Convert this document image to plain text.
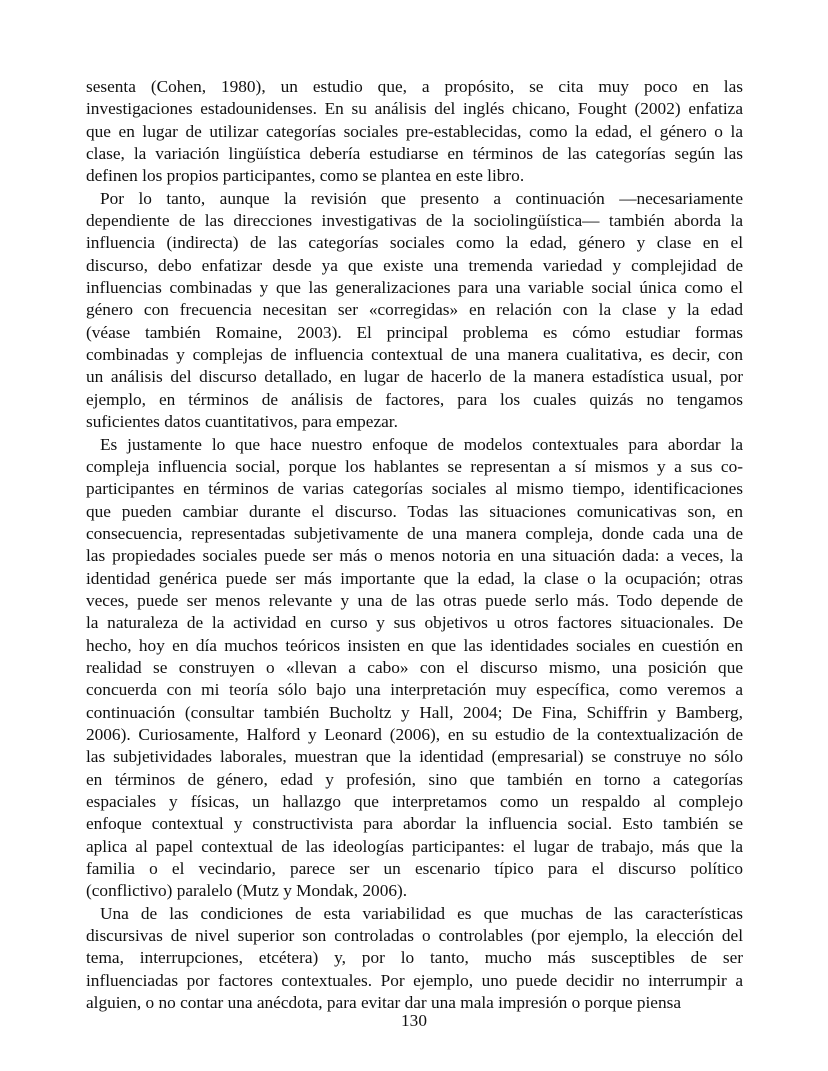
sesenta (Cohen, 1980), un estudio que, a propósito, se cita muy poco en las
investigaciones estadounidenses. En su análisis del inglés chicano, Fought (2002) enfatiza
que en lugar de utilizar categorías sociales pre-establecidas, como la edad, el género o la
clase, la variación lingüística debería estudiarse en términos de las categorías según las
definen los propios participantes, como se plantea en este libro.
Por lo tanto, aunque la revisión que presento a continuación —necesariamente
dependiente de las direcciones investigativas de la sociolingüística— también aborda la
influencia (indirecta) de las categorías sociales como la edad, género y clase en el
discurso, debo enfatizar desde ya que existe una tremenda variedad y complejidad de
influencias combinadas y que las generalizaciones para una variable social única como el
género con frecuencia necesitan ser «corregidas» en relación con la clase y la edad
(véase también Romaine, 2003). El principal problema es cómo estudiar formas
combinadas y complejas de influencia contextual de una manera cualitativa, es decir, con
un análisis del discurso detallado, en lugar de hacerlo de la manera estadística usual, por
ejemplo, en términos de análisis de factores, para los cuales quizás no tengamos
suficientes datos cuantitativos, para empezar.
Es justamente lo que hace nuestro enfoque de modelos contextuales para abordar la
compleja influencia social, porque los hablantes se representan a sí mismos y a sus co-
participantes en términos de varias categorías sociales al mismo tiempo, identificaciones
que pueden cambiar durante el discurso. Todas las situaciones comunicativas son, en
consecuencia, representadas subjetivamente de una manera compleja, donde cada una de
las propiedades sociales puede ser más o menos notoria en una situación dada: a veces, la
identidad genérica puede ser más importante que la edad, la clase o la ocupación; otras
veces, puede ser menos relevante y una de las otras puede serlo más. Todo depende de
la naturaleza de la actividad en curso y sus objetivos u otros factores situacionales. De
hecho, hoy en día muchos teóricos insisten en que las identidades sociales en cuestión en
realidad se construyen o «llevan a cabo» con el discurso mismo, una posición que
concuerda con mi teoría sólo bajo una interpretación muy específica, como veremos a
continuación (consultar también Bucholtz y Hall, 2004; De Fina, Schiffrin y Bamberg,
2006). Curiosamente, Halford y Leonard (2006), en su estudio de la contextualización de
las subjetividades laborales, muestran que la identidad (empresarial) se construye no sólo
en términos de género, edad y profesión, sino que también en torno a categorías
espaciales y físicas, un hallazgo que interpretamos como un respaldo al complejo
enfoque contextual y constructivista para abordar la influencia social. Esto también se
aplica al papel contextual de las ideologías participantes: el lugar de trabajo, más que la
familia o el vecindario, parece ser un escenario típico para el discurso político
(conflictivo) paralelo (Mutz y Mondak, 2006).
Una de las condiciones de esta variabilidad es que muchas de las características
discursivas de nivel superior son controladas o controlables (por ejemplo, la elección del
tema, interrupciones, etcétera) y, por lo tanto, mucho más susceptibles de ser
influenciadas por factores contextuales. Por ejemplo, uno puede decidir no interrumpir a
alguien, o no contar una anécdota, para evitar dar una mala impresión o porque piensa
130
